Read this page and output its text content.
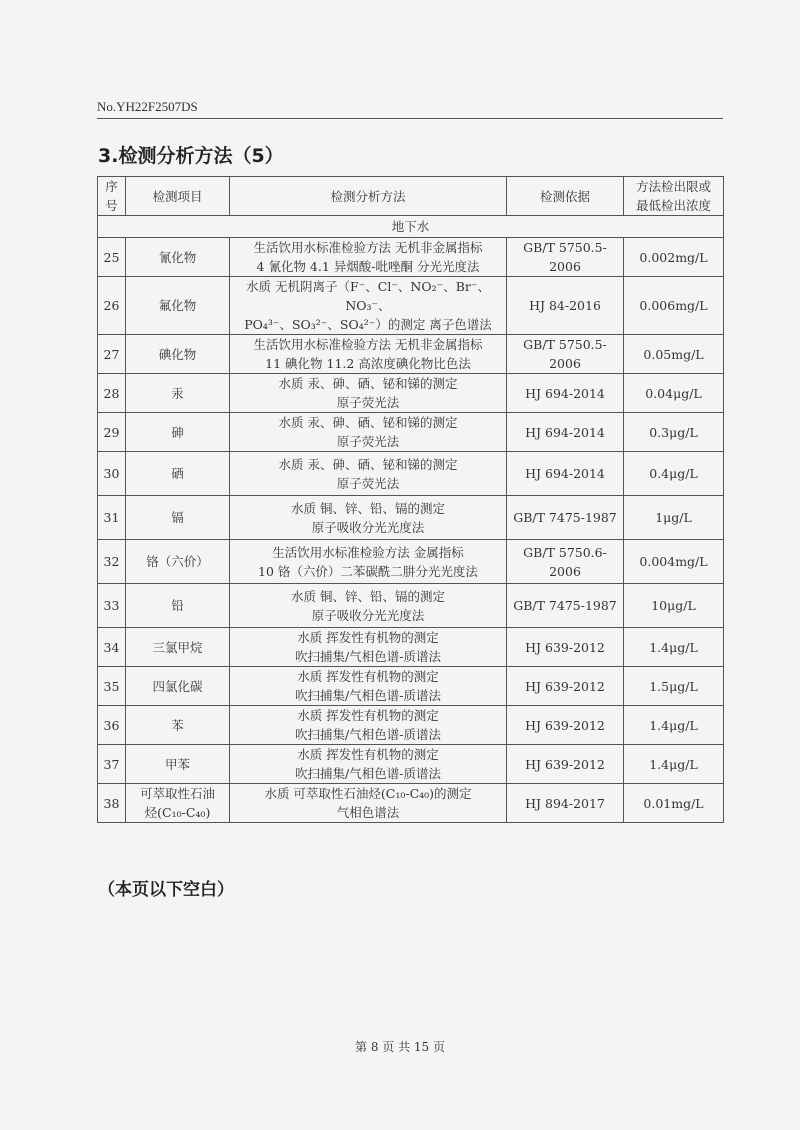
No.YH22F2507DS
3.检测分析方法（5）
序
号	检测项目	检测分析方法	检测依据	方法检出限或
最低检出浓度

地下水				
25	氰化物	生活饮用水标准检验方法 无机非金属指标
4 氰化物 4.1 异烟酸-吡唑酮 分光光度法	GB/T 5750.5-2006	0.002mg/L
26	氟化物	水质 无机阴离子（F⁻、Cl⁻、NO₂⁻、Br⁻、NO₃⁻、
PO₄³⁻、SO₃²⁻、SO₄²⁻）的测定 离子色谱法	HJ 84-2016	0.006mg/L
27	碘化物	生活饮用水标准检验方法 无机非金属指标
11 碘化物 11.2 高浓度碘化物比色法	GB/T 5750.5-2006	0.05mg/L
28	汞	水质 汞、砷、硒、铋和锑的测定
原子荧光法	HJ 694-2014	0.04μg/L
29	砷	水质 汞、砷、硒、铋和锑的测定
原子荧光法	HJ 694-2014	0.3μg/L
30	硒	水质 汞、砷、硒、铋和锑的测定
原子荧光法	HJ 694-2014	0.4μg/L
31	镉	水质 铜、锌、铅、镉的测定
原子吸收分光光度法	GB/T 7475-1987	1μg/L
32	铬（六价）	生活饮用水标准检验方法 金属指标
10 铬（六价）二苯碳酰二肼分光光度法	GB/T 5750.6-2006	0.004mg/L
33	铅	水质 铜、锌、铅、镉的测定
原子吸收分光光度法	GB/T 7475-1987	10μg/L
34	三氯甲烷	水质 挥发性有机物的测定
吹扫捕集/气相色谱-质谱法	HJ 639-2012	1.4μg/L
35	四氯化碳	水质 挥发性有机物的测定
吹扫捕集/气相色谱-质谱法	HJ 639-2012	1.5μg/L
36	苯	水质 挥发性有机物的测定
吹扫捕集/气相色谱-质谱法	HJ 639-2012	1.4μg/L
37	甲苯	水质 挥发性有机物的测定
吹扫捕集/气相色谱-质谱法	HJ 639-2012	1.4μg/L
38	可萃取性石油
烃(C₁₀-C₄₀)	水质 可萃取性石油烃(C₁₀-C₄₀)的测定
气相色谱法	HJ 894-2017	0.01mg/L
（本页以下空白）
第 8 页 共 15 页
